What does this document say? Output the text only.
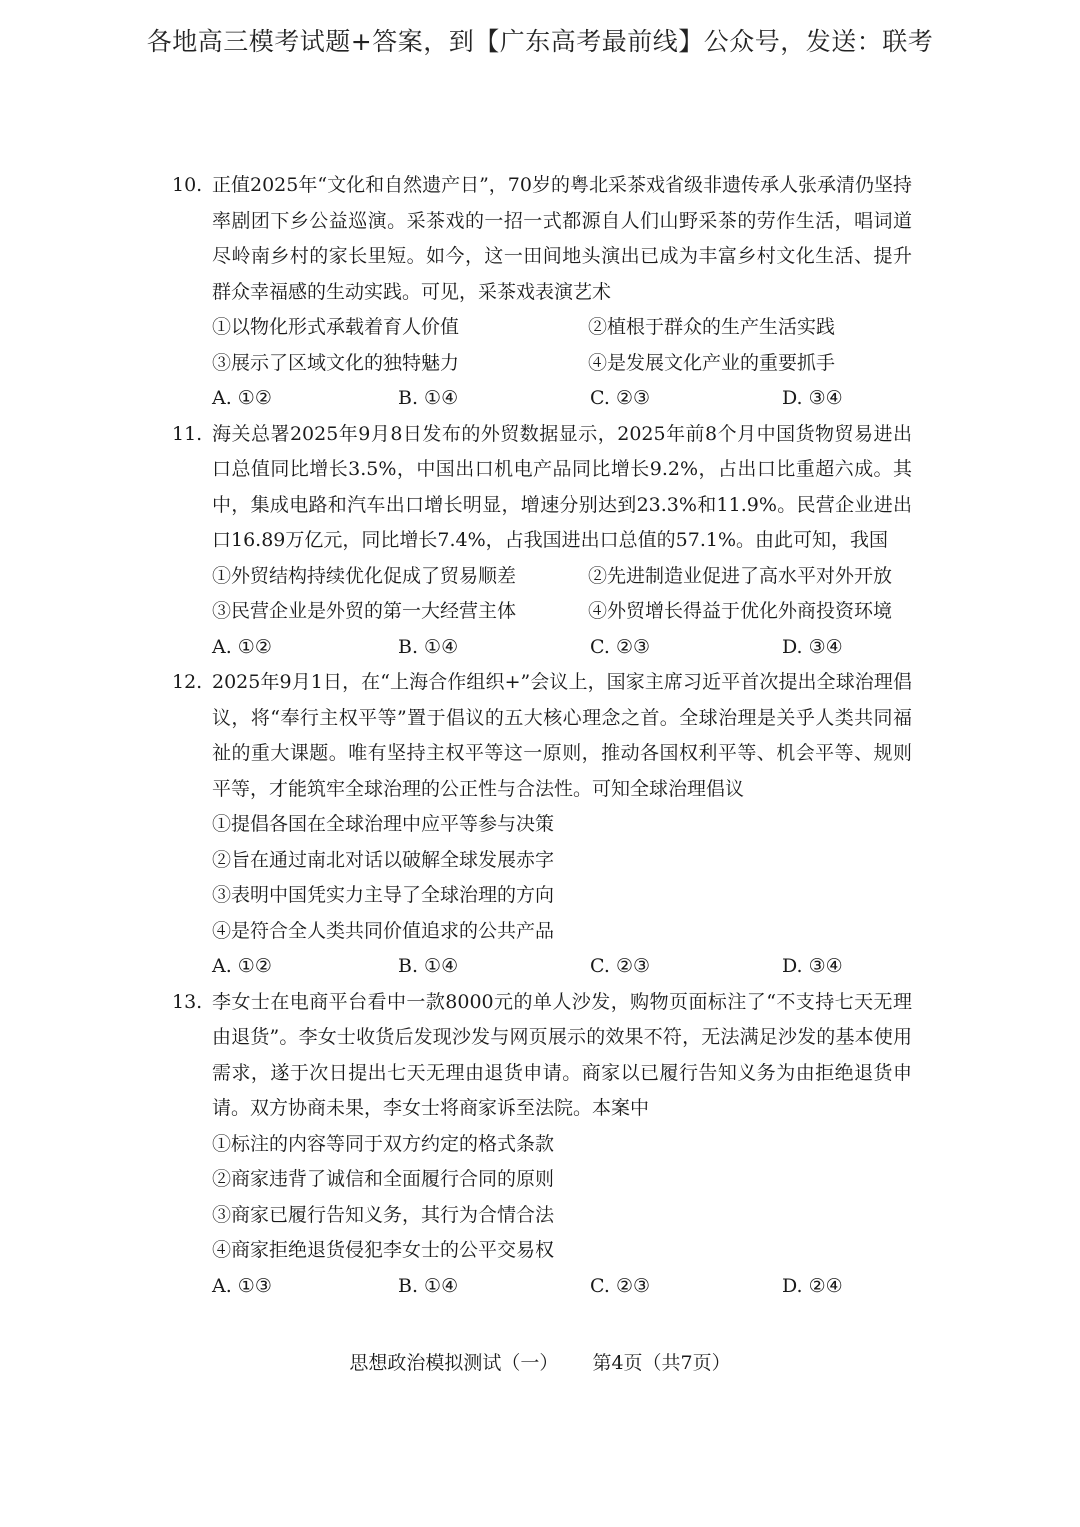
各地高三模考试题+答案，到【广东高考最前线】公众号，发送：联考
10. 正值2025年“文化和自然遗产日”，70岁的粤北采茶戏省级非遗传承人张承清仍坚持率剧团下乡公益巡演。采茶戏的一招一式都源自人们山野采茶的劳作生活，唱词道尽岭南乡村的家长里短。如今，这一田间地头演出已成为丰富乡村文化生活、提升群众幸福感的生动实践。可见，采茶戏表演艺术
①以物化形式承载着育人价值	②植根于群众的生产生活实践
③展示了区域文化的独特魅力	④是发展文化产业的重要抓手
A. ①②	B. ①④	C. ②③	D. ③④
11. 海关总署2025年9月8日发布的外贸数据显示，2025年前8个月中国货物贸易进出口总值同比增长3.5%，中国出口机电产品同比增长9.2%，占出口比重超六成。其中，集成电路和汽车出口增长明显，增速分别达到23.3%和11.9%。民营企业进出口16.89万亿元，同比增长7.4%，占我国进出口总值的57.1%。由此可知，我国
①外贸结构持续优化促成了贸易顺差	②先进制造业促进了高水平对外开放
③民营企业是外贸的第一大经营主体	④外贸增长得益于优化外商投资环境
A. ①②	B. ①④	C. ②③	D. ③④
12. 2025年9月1日，在“上海合作组织+”会议上，国家主席习近平首次提出全球治理倡议，将“奉行主权平等”置于倡议的五大核心理念之首。全球治理是关乎人类共同福祉的重大课题。唯有坚持主权平等这一原则，推动各国权利平等、机会平等、规则平等，才能筑牢全球治理的公正性与合法性。可知全球治理倡议
①提倡各国在全球治理中应平等参与决策
②旨在通过南北对话以破解全球发展赤字
③表明中国凭实力主导了全球治理的方向
④是符合全人类共同价值追求的公共产品
A. ①②	B. ①④	C. ②③	D. ③④
13. 李女士在电商平台看中一款8000元的单人沙发，购物页面标注了“不支持七天无理由退货”。李女士收货后发现沙发与网页展示的效果不符，无法满足沙发的基本使用需求，遂于次日提出七天无理由退货申请。商家以已履行告知义务为由拒绝退货申请。双方协商未果，李女士将商家诉至法院。本案中
①标注的内容等同于双方约定的格式条款
②商家违背了诚信和全面履行合同的原则
③商家已履行告知义务，其行为合情合法
④商家拒绝退货侵犯李女士的公平交易权
A. ①③	B. ①④	C. ②③	D. ②④
思想政治模拟测试（一） 第4页（共7页）
